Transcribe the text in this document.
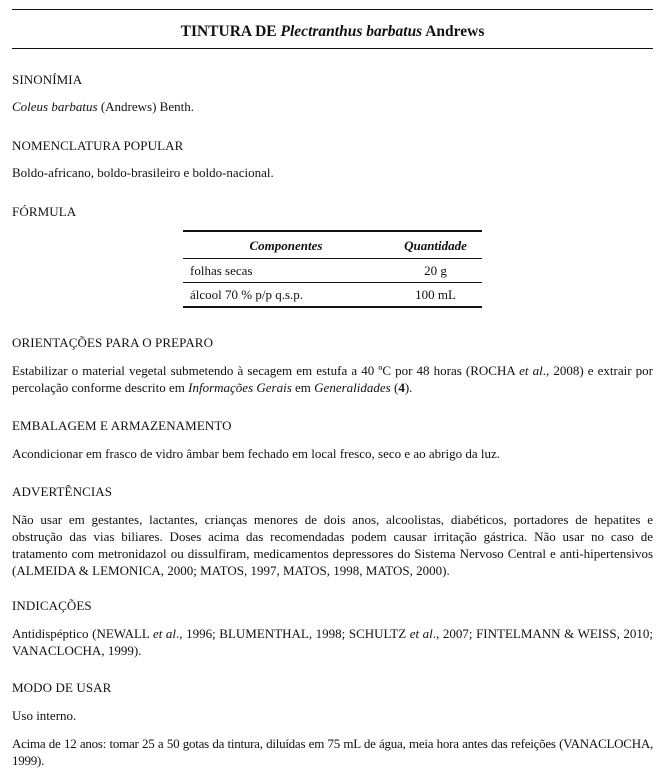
TINTURA DE Plectranthus barbatus Andrews
SINONÍMIA
Coleus barbatus (Andrews) Benth.
NOMENCLATURA POPULAR
Boldo-africano, boldo-brasileiro e boldo-nacional.
FÓRMULA
Componentes	Quantidade
folhas secas	20 g
álcool 70 % p/p q.s.p.	100 mL
ORIENTAÇÕES PARA O PREPARO
Estabilizar o material vegetal submetendo à secagem em estufa a 40 ºC por 48 horas (ROCHA et al., 2008) e extrair por percolação conforme descrito em Informações Gerais em Generalidades (4).
EMBALAGEM E ARMAZENAMENTO
Acondicionar em frasco de vidro âmbar bem fechado em local fresco, seco e ao abrigo da luz.
ADVERTÊNCIAS
Não usar em gestantes, lactantes, crianças menores de dois anos, alcoolistas, diabéticos, portadores de hepatites e obstrução das vias biliares. Doses acima das recomendadas podem causar irritação gástrica. Não usar no caso de tratamento com metronidazol ou dissulfiram, medicamentos depressores do Sistema Nervoso Central e anti-hipertensivos (ALMEIDA & LEMONICA, 2000; MATOS, 1997, MATOS, 1998, MATOS, 2000).
INDICAÇÕES
Antidispéptico (NEWALL et al., 1996; BLUMENTHAL, 1998; SCHULTZ et al., 2007; FINTELMANN & WEISS, 2010; VANACLOCHA, 1999).
MODO DE USAR
Uso interno.
Acima de 12 anos: tomar 25 a 50 gotas da tintura, diluídas em 75 mL de água, meia hora antes das refeições (VANACLOCHA, 1999).
